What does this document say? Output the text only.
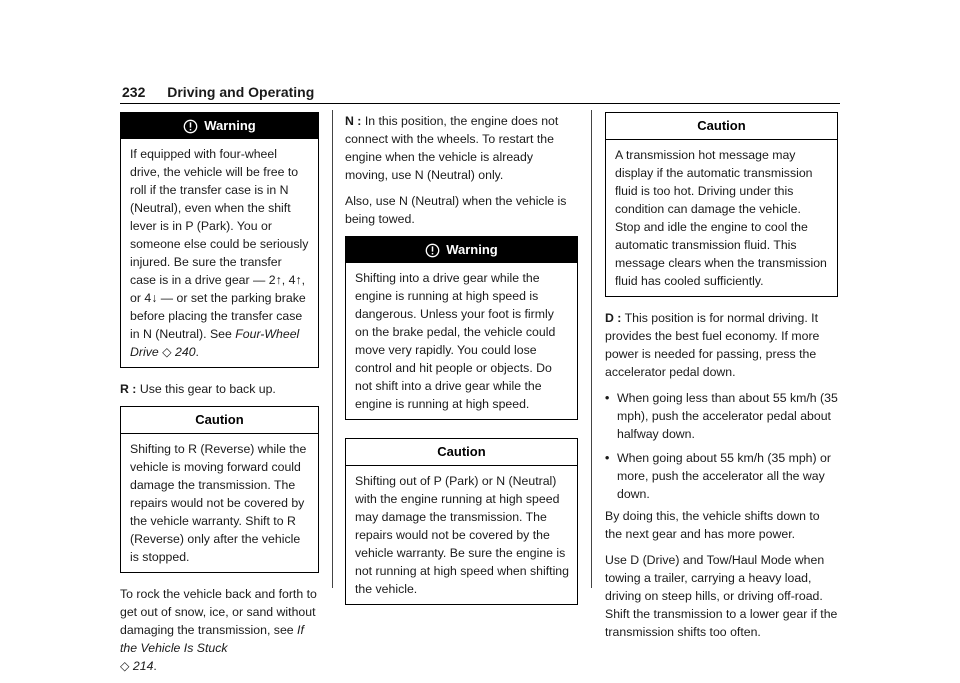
232 Driving and Operating
Warning

If equipped with four-wheel drive, the vehicle will be free to roll if the transfer case is in N (Neutral), even when the shift lever is in P (Park). You or someone else could be seriously injured. Be sure the transfer case is in a drive gear — 2↑, 4↑, or 4↓ — or set the parking brake before placing the transfer case in N (Neutral). See Four-Wheel Drive ◇ 240.

R : Use this gear to back up.

Caution

Shifting to R (Reverse) while the vehicle is moving forward could damage the transmission. The repairs would not be covered by the vehicle warranty. Shift to R (Reverse) only after the vehicle is stopped.

To rock the vehicle back and forth to get out of snow, ice, or sand without damaging the transmission, see If the Vehicle Is Stuck
◇ 214.

N : In this position, the engine does not connect with the wheels. To restart the engine when the vehicle is already moving, use N (Neutral) only.

Also, use N (Neutral) when the vehicle is being towed.

Warning

Shifting into a drive gear while the engine is running at high speed is dangerous. Unless your foot is firmly on the brake pedal, the vehicle could move very rapidly. You could lose control and hit people or objects. Do not shift into a drive gear while the engine is running at high speed.

Caution

Shifting out of P (Park) or N (Neutral) with the engine running at high speed may damage the transmission. The repairs would not be covered by the vehicle warranty. Be sure the engine is not running at high speed when shifting the vehicle.

Caution

A transmission hot message may display if the automatic transmission fluid is too hot. Driving under this condition can damage the vehicle. Stop and idle the engine to cool the automatic transmission fluid. This message clears when the transmission fluid has cooled sufficiently.

D : This position is for normal driving. It provides the best fuel economy. If more power is needed for passing, press the accelerator pedal down.

• When going less than about 55 km/h (35 mph), push the accelerator pedal about halfway down.
• When going about 55 km/h (35 mph) or more, push the accelerator all the way down.

By doing this, the vehicle shifts down to the next gear and has more power.

Use D (Drive) and Tow/Haul Mode when towing a trailer, carrying a heavy load, driving on steep hills, or driving off-road. Shift the transmission to a lower gear if the transmission shifts too often.
